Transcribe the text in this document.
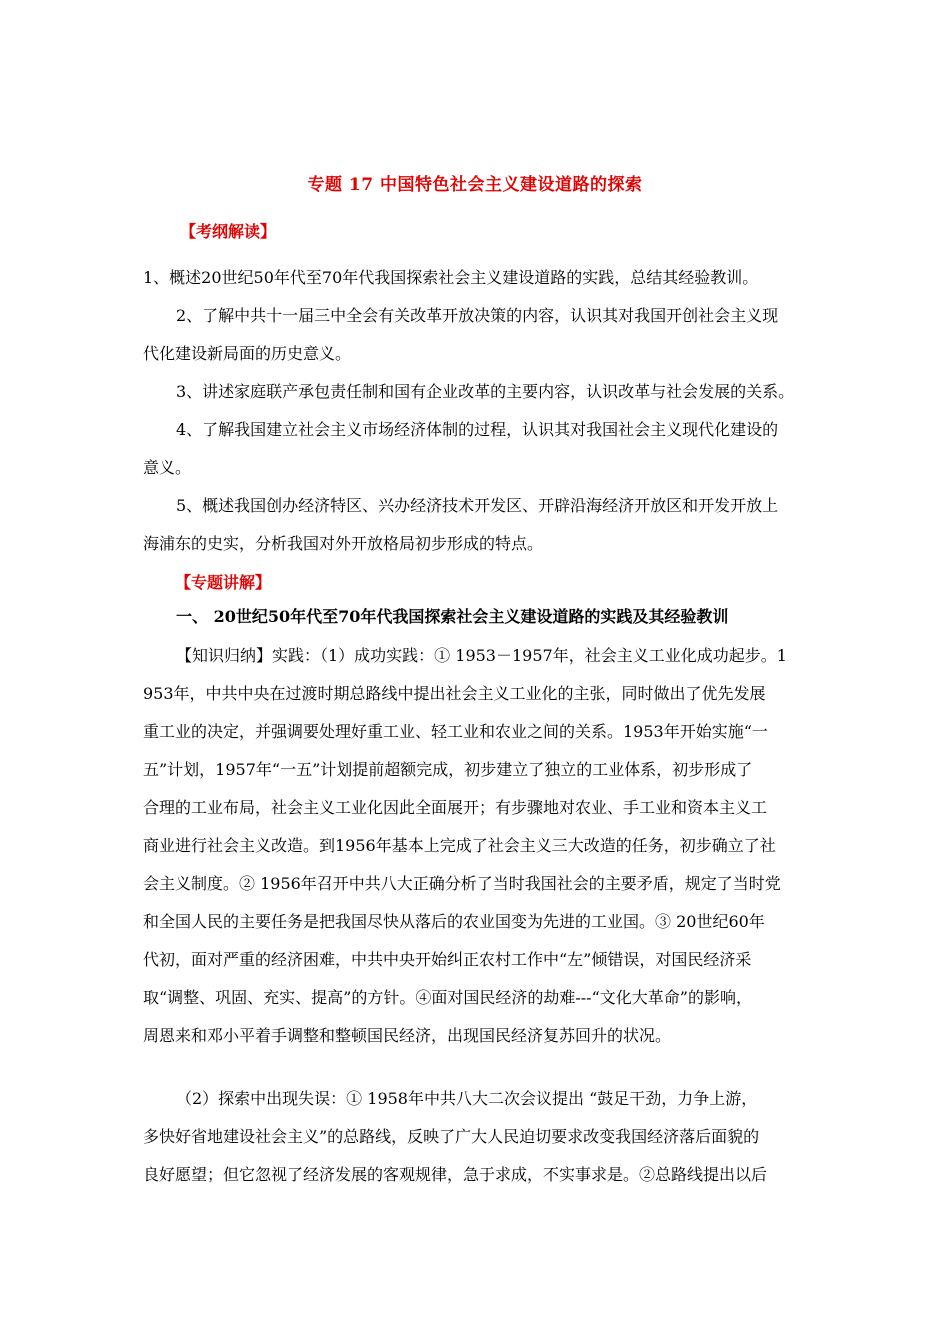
专题 17 中国特色社会主义建设道路的探索
【考纲解读】
1、概述20世纪50年代至70年代我国探索社会主义建设道路的实践，总结其经验教训。
2、了解中共十一届三中全会有关改革开放决策的内容，认识其对我国开创社会主义现
代化建设新局面的历史意义。
3、讲述家庭联产承包责任制和国有企业改革的主要内容，认识改革与社会发展的关系。
4、了解我国建立社会主义市场经济体制的过程，认识其对我国社会主义现代化建设的
意义。
5、概述我国创办经济特区、兴办经济技术开发区、开辟沿海经济开放区和开发开放上
海浦东的史实，分析我国对外开放格局初步形成的特点。
【专题讲解】
一、 20世纪50年代至70年代我国探索社会主义建设道路的实践及其经验教训
【知识归纳】实践：（1）成功实践：① 1953－1957年，社会主义工业化成功起步。1
953年，中共中央在过渡时期总路线中提出社会主义工业化的主张，同时做出了优先发展
重工业的决定，并强调要处理好重工业、轻工业和农业之间的关系。1953年开始实施“一
五”计划，1957年“一五”计划提前超额完成，初步建立了独立的工业体系，初步形成了
合理的工业布局，社会主义工业化因此全面展开；有步骤地对农业、手工业和资本主义工
商业进行社会主义改造。到1956年基本上完成了社会主义三大改造的任务，初步确立了社
会主义制度。② 1956年召开中共八大正确分析了当时我国社会的主要矛盾，规定了当时党
和全国人民的主要任务是把我国尽快从落后的农业国变为先进的工业国。③ 20世纪60年
代初，面对严重的经济困难，中共中央开始纠正农村工作中“左”倾错误，对国民经济采
取“调整、巩固、充实、提高”的方针。④面对国民经济的劫难---“文化大革命”的影响，
周恩来和邓小平着手调整和整顿国民经济，出现国民经济复苏回升的状况。
（2）探索中出现失误：① 1958年中共八大二次会议提出 “鼓足干劲，力争上游，
多快好省地建设社会主义”的总路线，反映了广大人民迫切要求改变我国经济落后面貌的
良好愿望；但它忽视了经济发展的客观规律，急于求成，不实事求是。②总路线提出以后
